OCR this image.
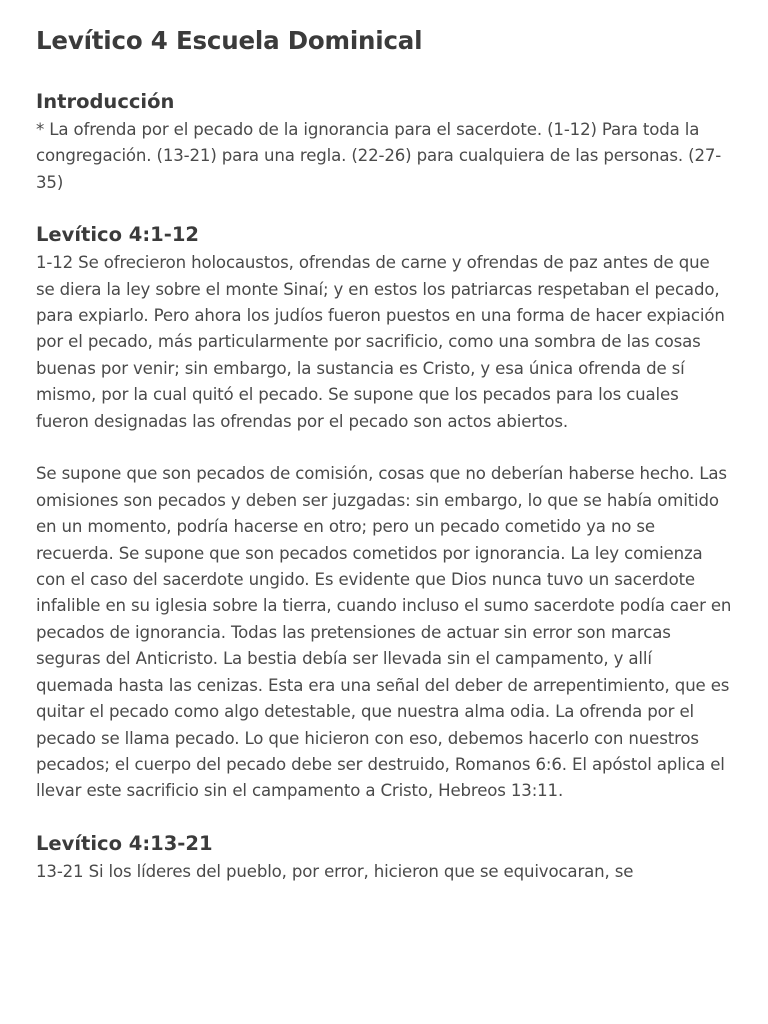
Levítico 4 Escuela Dominical
Introducción

* La ofrenda por el pecado de la ignorancia para el sacerdote. (1-12) Para toda la congregación. (13-21) para una regla. (22-26) para cualquiera de las personas. (27-35)

Levítico 4:1-12

1-12 Se ofrecieron holocaustos, ofrendas de carne y ofrendas de paz antes de que se diera la ley sobre el monte Sinaí; y en estos los patriarcas respetaban el pecado, para expiarlo. Pero ahora los judíos fueron puestos en una forma de hacer expiación por el pecado, más particularmente por sacrificio, como una sombra de las cosas buenas por venir; sin embargo, la sustancia es Cristo, y esa única ofrenda de sí mismo, por la cual quitó el pecado. Se supone que los pecados para los cuales fueron designadas las ofrendas por el pecado son actos abiertos.

Se supone que son pecados de comisión, cosas que no deberían haberse hecho. Las omisiones son pecados y deben ser juzgadas: sin embargo, lo que se había omitido en un momento, podría hacerse en otro; pero un pecado cometido ya no se recuerda. Se supone que son pecados cometidos por ignorancia. La ley comienza con el caso del sacerdote ungido. Es evidente que Dios nunca tuvo un sacerdote infalible en su iglesia sobre la tierra, cuando incluso el sumo sacerdote podía caer en pecados de ignorancia. Todas las pretensiones de actuar sin error son marcas seguras del Anticristo. La bestia debía ser llevada sin el campamento, y allí quemada hasta las cenizas. Esta era una señal del deber de arrepentimiento, que es quitar el pecado como algo detestable, que nuestra alma odia. La ofrenda por el pecado se llama pecado. Lo que hicieron con eso, debemos hacerlo con nuestros pecados; el cuerpo del pecado debe ser destruido, Romanos 6:6. El apóstol aplica el llevar este sacrificio sin el campamento a Cristo, Hebreos 13:11.

Levítico 4:13-21

13-21 Si los líderes del pueblo, por error, hicieron que se equivocaran, se
